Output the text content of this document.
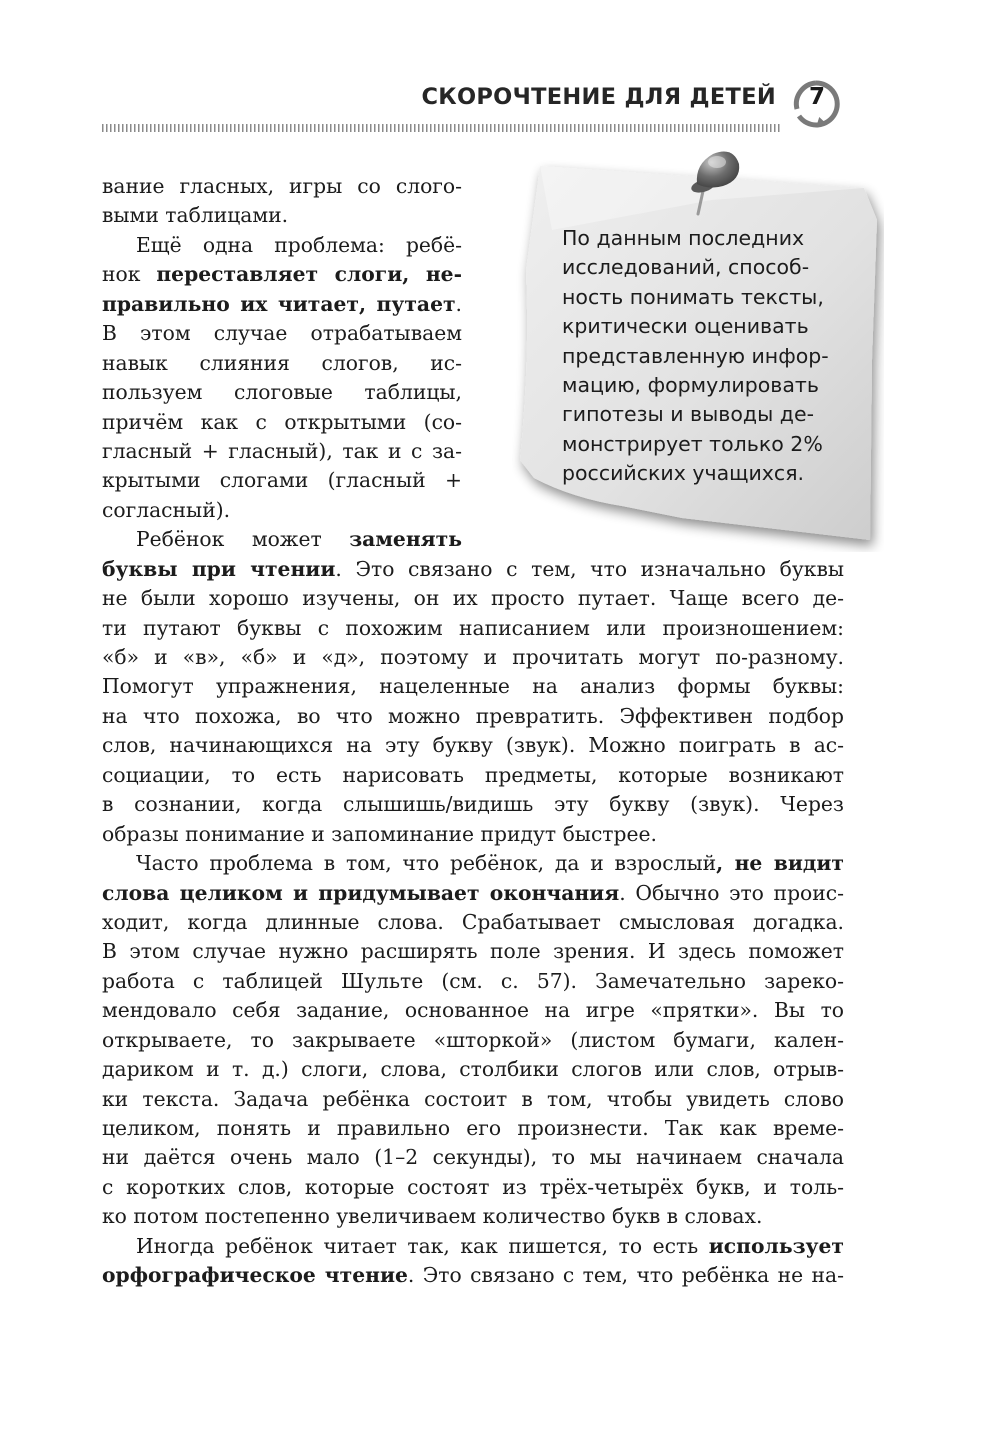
СКОРОЧТЕНИЕ ДЛЯ ДЕТЕЙ	7
По данным последних
исследований, способ-
ность понимать тексты,
критически оценивать
представленную инфор-
мацию, формулировать
гипотезы и выводы де-
монстрирует только 2%
российских учащихся.
вание гласных, игры со слого-
выми таблицами.
Ещё одна проблема: ребё-
нок переставляет слоги, не-
правильно их читает, путает.
В этом случае отрабатываем
навык слияния слогов, ис-
пользуем слоговые таблицы,
причём как с открытыми (со-
гласный + гласный), так и с за-
крытыми слогами (гласный +
согласный).
Ребёнок может заменять
буквы при чтении. Это связано с тем, что изначально буквы
не были хорошо изучены, он их просто путает. Чаще всего де-
ти путают буквы с похожим написанием или произношением:
«б» и «в», «б» и «д», поэтому и прочитать могут по-разному.
Помогут упражнения, нацеленные на анализ формы буквы:
на что похожа, во что можно превратить. Эффективен подбор
слов, начинающихся на эту букву (звук). Можно поиграть в ас-
социации, то есть нарисовать предметы, которые возникают
в сознании, когда слышишь/видишь эту букву (звук). Через
образы понимание и запоминание придут быстрее.
Часто проблема в том, что ребёнок, да и взрослый, не видит
слова целиком и придумывает окончания. Обычно это проис-
ходит, когда длинные слова. Срабатывает смысловая догадка.
В этом случае нужно расширять поле зрения. И здесь поможет
работа с таблицей Шульте (см. с. 57). Замечательно зареко-
мендовало себя задание, основанное на игре «прятки». Вы то
открываете, то закрываете «шторкой» (листом бумаги, кален-
дариком и т. д.) слоги, слова, столбики слогов или слов, отрыв-
ки текста. Задача ребёнка состоит в том, чтобы увидеть слово
целиком, понять и правильно его произнести. Так как време-
ни даётся очень мало (1–2 секунды), то мы начинаем сначала
с коротких слов, которые состоят из трёх-четырёх букв, и толь-
ко потом постепенно увеличиваем количество букв в словах.
Иногда ребёнок читает так, как пишется, то есть использует
орфографическое чтение. Это связано с тем, что ребёнка не на-
